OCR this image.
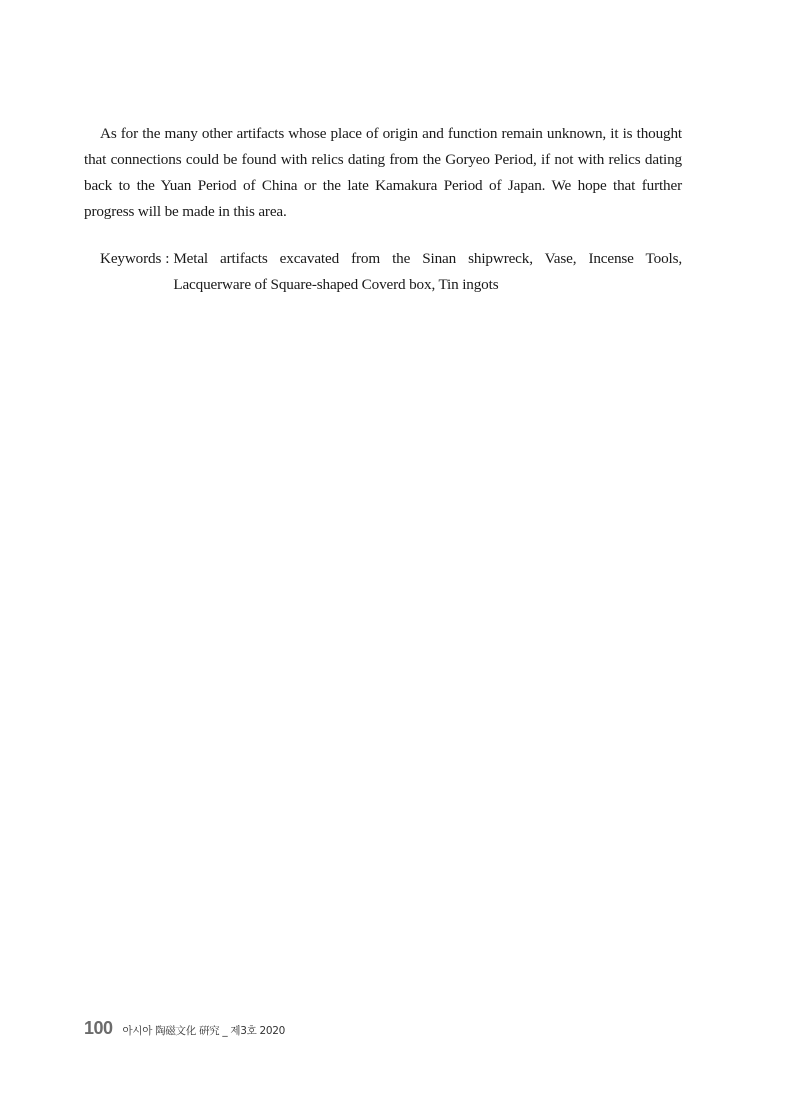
As for the many other artifacts whose place of origin and function remain unknown, it is thought that connections could be found with relics dating from the Goryeo Period, if not with relics dating back to the Yuan Period of China or the late Kamakura Period of Japan. We hope that further progress will be made in this area.

Keywords : Metal artifacts excavated from the Sinan shipwreck, Vase, Incense Tools, Lacquerware of Square-shaped Coverd box, Tin ingots
100 아시아 陶磁文化 硏究 _ 제3호 2020
